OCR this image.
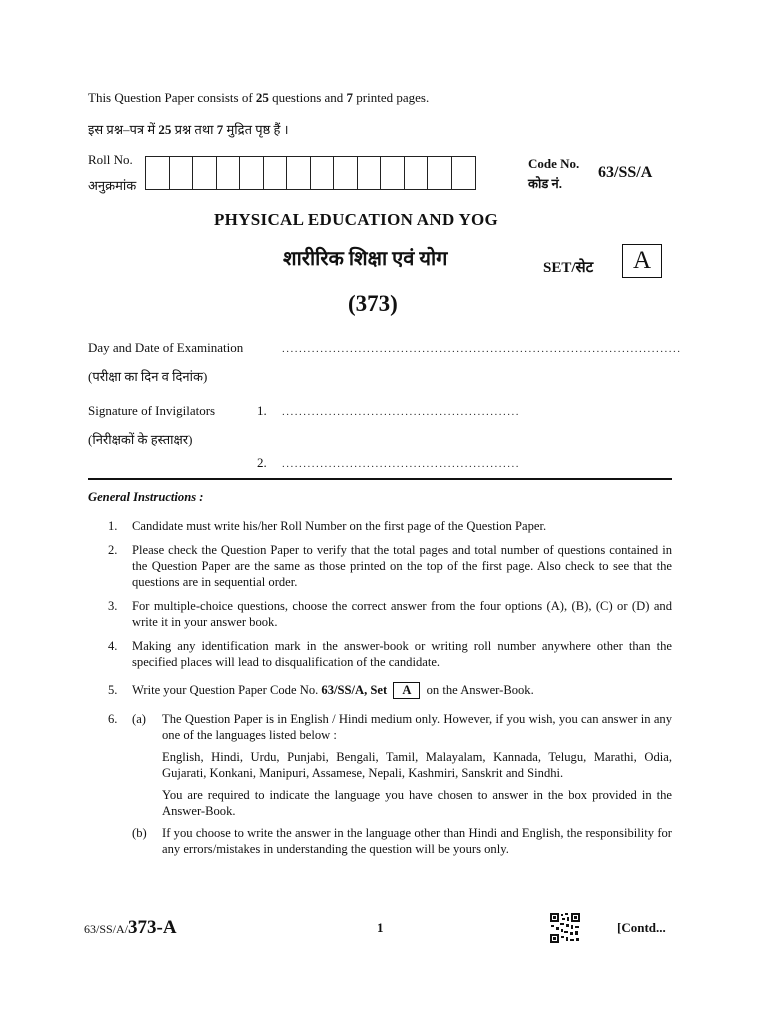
This Question Paper consists of 25 questions and 7 printed pages.
इस प्रश्न–पत्र में 25 प्रश्न तथा 7 मुद्रित पृष्ठ हैं ।
Roll No.
अनुक्रमांक
Code No.
कोड नं.
63/SS/A
PHYSICAL EDUCATION AND YOG
शारीरिक शिक्षा एवं योग	SET/सेट	A
(373)
Day and Date of Examination	..............................................................................................
(परीक्षा का दिन व दिनांक)
Signature of Invigilators	1. ........................................................
(निरीक्षकों के हस्ताक्षर)
2. ........................................................
General Instructions :
1.	Candidate must write his/her Roll Number on the first page of the Question Paper.
2.	Please check the Question Paper to verify that the total pages and total number of questions contained in the Question Paper are the same as those printed on the top of the first page. Also check to see that the questions are in sequential order.
3.	For multiple-choice questions, choose the correct answer from the four options (A), (B), (C) or (D) and write it in your answer book.
4.	Making any identification mark in the answer-book or writing roll number anywhere other than the specified places will lead to disqualification of the candidate.
5.	Write your Question Paper Code No. 63/SS/A, Set A on the Answer-Book.
6.	(a)	The Question Paper is in English / Hindi medium only. However, if you wish, you can answer in any one of the languages listed below :
English, Hindi, Urdu, Punjabi, Bengali, Tamil, Malayalam, Kannada, Telugu, Marathi, Odia, Gujarati, Konkani, Manipuri, Assamese, Nepali, Kashmiri, Sanskrit and Sindhi.
You are required to indicate the language you have chosen to answer in the box provided in the Answer-Book.
(b)	If you choose to write the answer in the language other than Hindi and English, the responsibility for any errors/mistakes in understanding the question will be yours only.
63/SS/A/373-A	1	[Contd...
